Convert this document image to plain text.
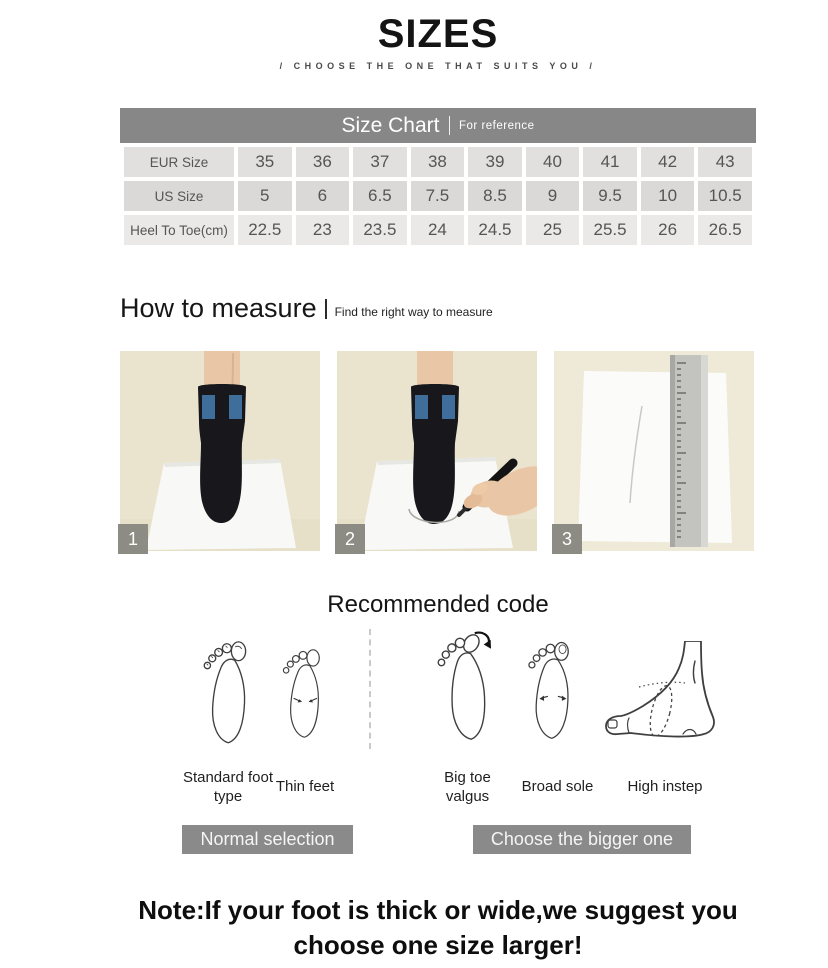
SIZES
/ CHOOSE THE ONE THAT SUITS YOU /
Size Chart For reference
EUR Size	35	36	37	38	39	40	41	42	43
US Size	5	6	6.5	7.5	8.5	9	9.5	10	10.5
Heel To Toe(cm)	22.5	23	23.5	24	24.5	25	25.5	26	26.5
How to measure Find the right way to measure
1	2	3
Recommended code
Standard foot type
Thin feet
Big toe valgus
Broad sole	High instep
Normal selection	Choose the bigger one
Note:If your foot is thick or wide,we suggest you
choose one size larger!
